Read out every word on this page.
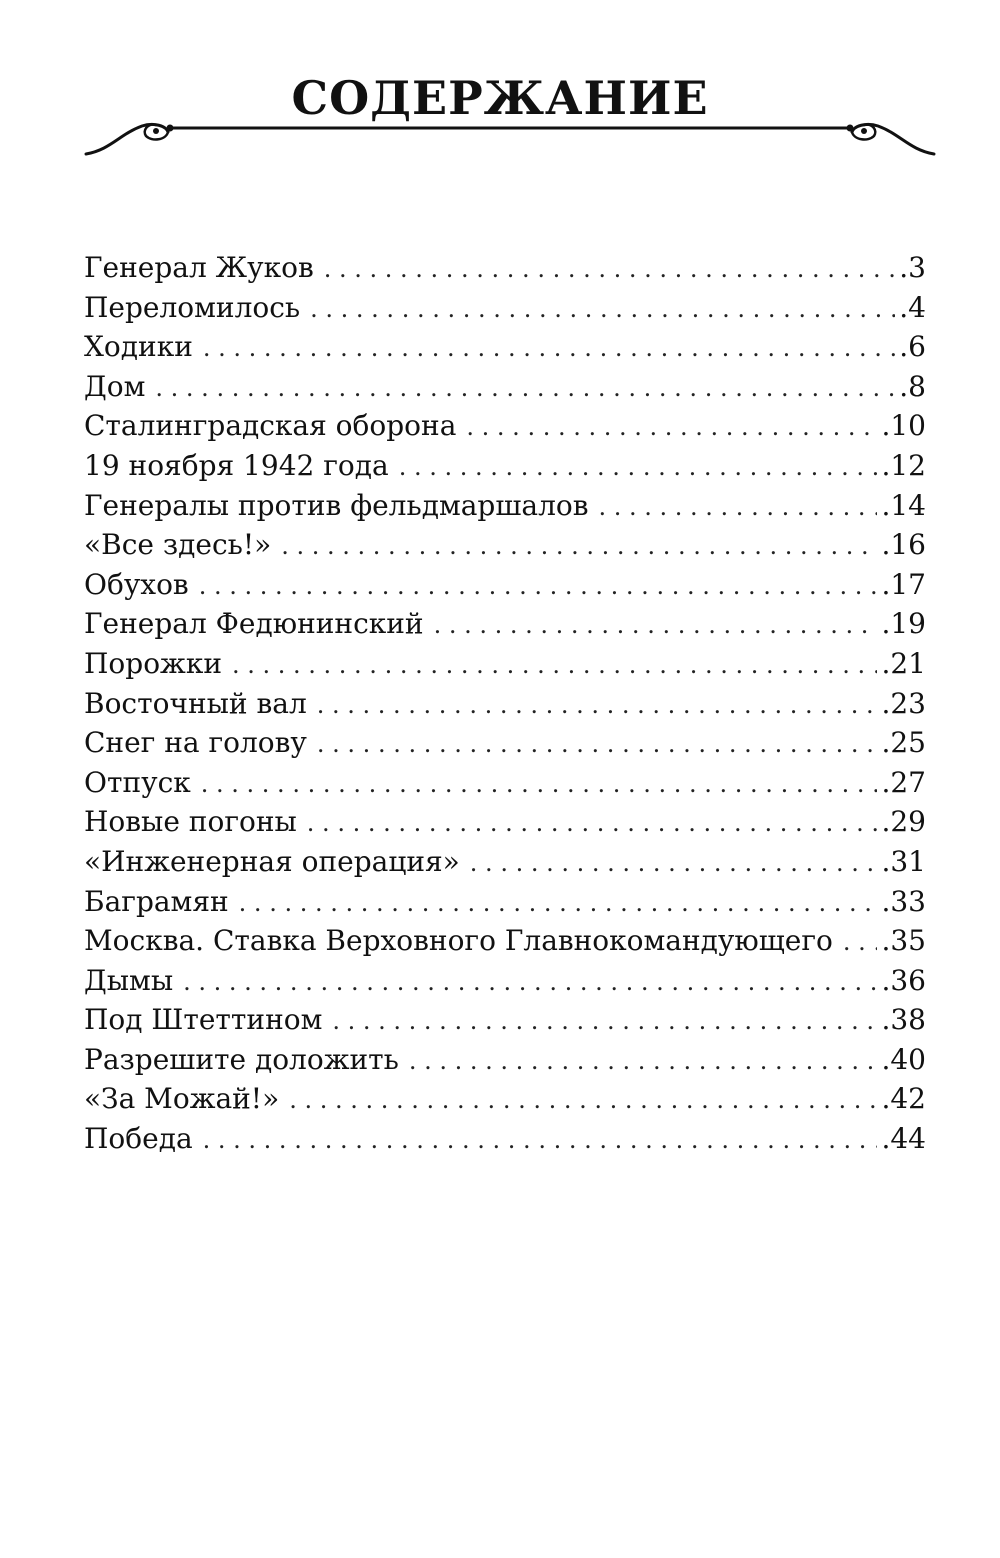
СОДЕРЖАНИЕ
Генерал Жуков . . .	.3
Переломилось . . .	.4
Ходики . . .	.6
Дом . . .	.8
Сталинградская оборона . . .	.10
19 ноября 1942 года . . .	.12
Генералы против фельдмаршалов . . .	.14
«Все здесь!» . . .	.16
Обухов . . .	.17
Генерал Федюнинский . . .	.19
Порожки . . .	.21
Восточный вал . . .	.23
Снег на голову . . .	.25
Отпуск . . .	.27
Новые погоны . . .	.29
«Инженерная операция» . . .	.31
Баграмян . . .	.33
Москва. Ставка Верховного Главнокомандующего . . . .35
Дымы . . .	.36
Под Штеттином . . .	.38
Разрешите доложить . . .	.40
«За Можай!» . . .	.42
Победа . . .	.44
